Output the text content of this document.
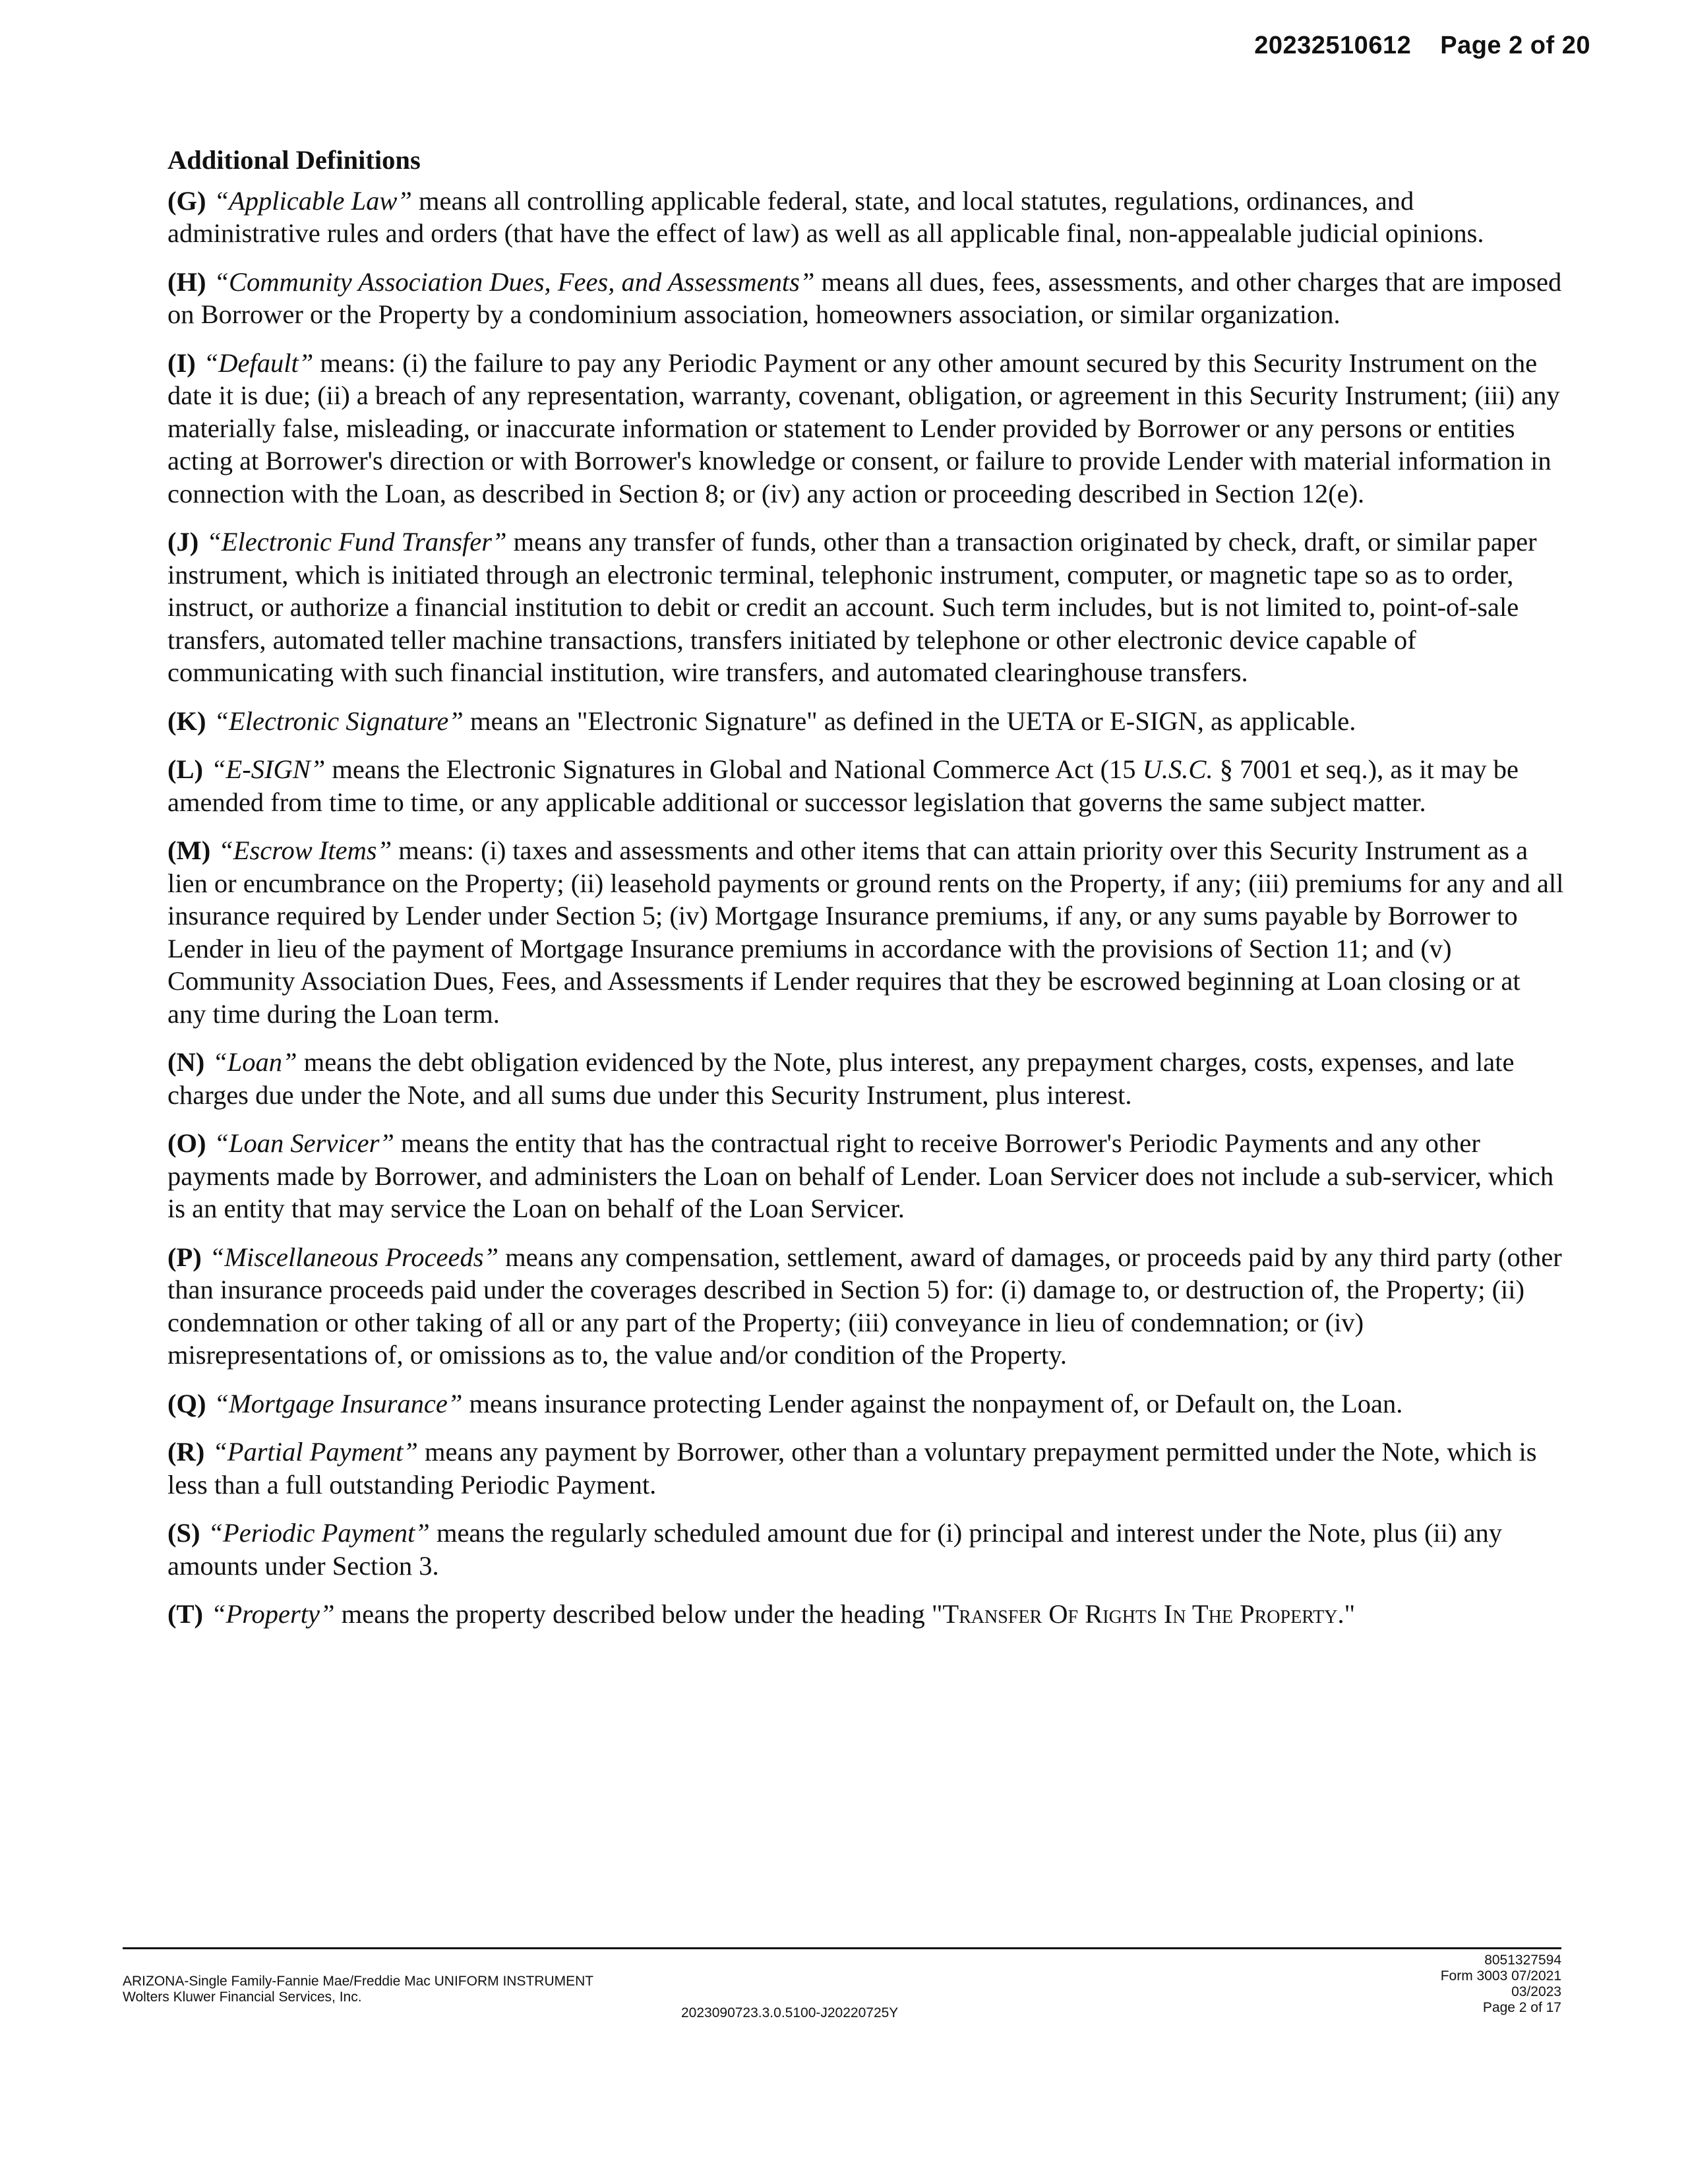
20232510612 Page 2 of 20
Additional Definitions
(G) “Applicable Law” means all controlling applicable federal, state, and local statutes, regulations, ordinances, and administrative rules and orders (that have the effect of law) as well as all applicable final, non-appealable judicial opinions.
(H) “Community Association Dues, Fees, and Assessments” means all dues, fees, assessments, and other charges that are imposed on Borrower or the Property by a condominium association, homeowners association, or similar organization.
(I) “Default” means: (i) the failure to pay any Periodic Payment or any other amount secured by this Security Instrument on the date it is due; (ii) a breach of any representation, warranty, covenant, obligation, or agreement in this Security Instrument; (iii) any materially false, misleading, or inaccurate information or statement to Lender provided by Borrower or any persons or entities acting at Borrower's direction or with Borrower's knowledge or consent, or failure to provide Lender with material information in connection with the Loan, as described in Section 8; or (iv) any action or proceeding described in Section 12(e).
(J) “Electronic Fund Transfer” means any transfer of funds, other than a transaction originated by check, draft, or similar paper instrument, which is initiated through an electronic terminal, telephonic instrument, computer, or magnetic tape so as to order, instruct, or authorize a financial institution to debit or credit an account. Such term includes, but is not limited to, point-of-sale transfers, automated teller machine transactions, transfers initiated by telephone or other electronic device capable of communicating with such financial institution, wire transfers, and automated clearinghouse transfers.
(K) “Electronic Signature” means an "Electronic Signature" as defined in the UETA or E-SIGN, as applicable.
(L) “E-SIGN” means the Electronic Signatures in Global and National Commerce Act (15 U.S.C. § 7001 et seq.), as it may be amended from time to time, or any applicable additional or successor legislation that governs the same subject matter.
(M) “Escrow Items” means: (i) taxes and assessments and other items that can attain priority over this Security Instrument as a lien or encumbrance on the Property; (ii) leasehold payments or ground rents on the Property, if any; (iii) premiums for any and all insurance required by Lender under Section 5; (iv) Mortgage Insurance premiums, if any, or any sums payable by Borrower to Lender in lieu of the payment of Mortgage Insurance premiums in accordance with the provisions of Section 11; and (v) Community Association Dues, Fees, and Assessments if Lender requires that they be escrowed beginning at Loan closing or at any time during the Loan term.
(N) “Loan” means the debt obligation evidenced by the Note, plus interest, any prepayment charges, costs, expenses, and late charges due under the Note, and all sums due under this Security Instrument, plus interest.
(O) “Loan Servicer” means the entity that has the contractual right to receive Borrower's Periodic Payments and any other payments made by Borrower, and administers the Loan on behalf of Lender. Loan Servicer does not include a sub-servicer, which is an entity that may service the Loan on behalf of the Loan Servicer.
(P) “Miscellaneous Proceeds” means any compensation, settlement, award of damages, or proceeds paid by any third party (other than insurance proceeds paid under the coverages described in Section 5) for: (i) damage to, or destruction of, the Property; (ii) condemnation or other taking of all or any part of the Property; (iii) conveyance in lieu of condemnation; or (iv) misrepresentations of, or omissions as to, the value and/or condition of the Property.
(Q) “Mortgage Insurance” means insurance protecting Lender against the nonpayment of, or Default on, the Loan.
(R) “Partial Payment” means any payment by Borrower, other than a voluntary prepayment permitted under the Note, which is less than a full outstanding Periodic Payment.
(S) “Periodic Payment” means the regularly scheduled amount due for (i) principal and interest under the Note, plus (ii) any amounts under Section 3.
(T) “Property” means the property described below under the heading "Transfer Of Rights In The Property."
ARIZONA-Single Family-Fannie Mae/Freddie Mac UNIFORM INSTRUMENT
Wolters Kluwer Financial Services, Inc.
2023090723.3.0.5100-J20220725Y
8051327594
Form 3003 07/2021
03/2023
Page 2 of 17
